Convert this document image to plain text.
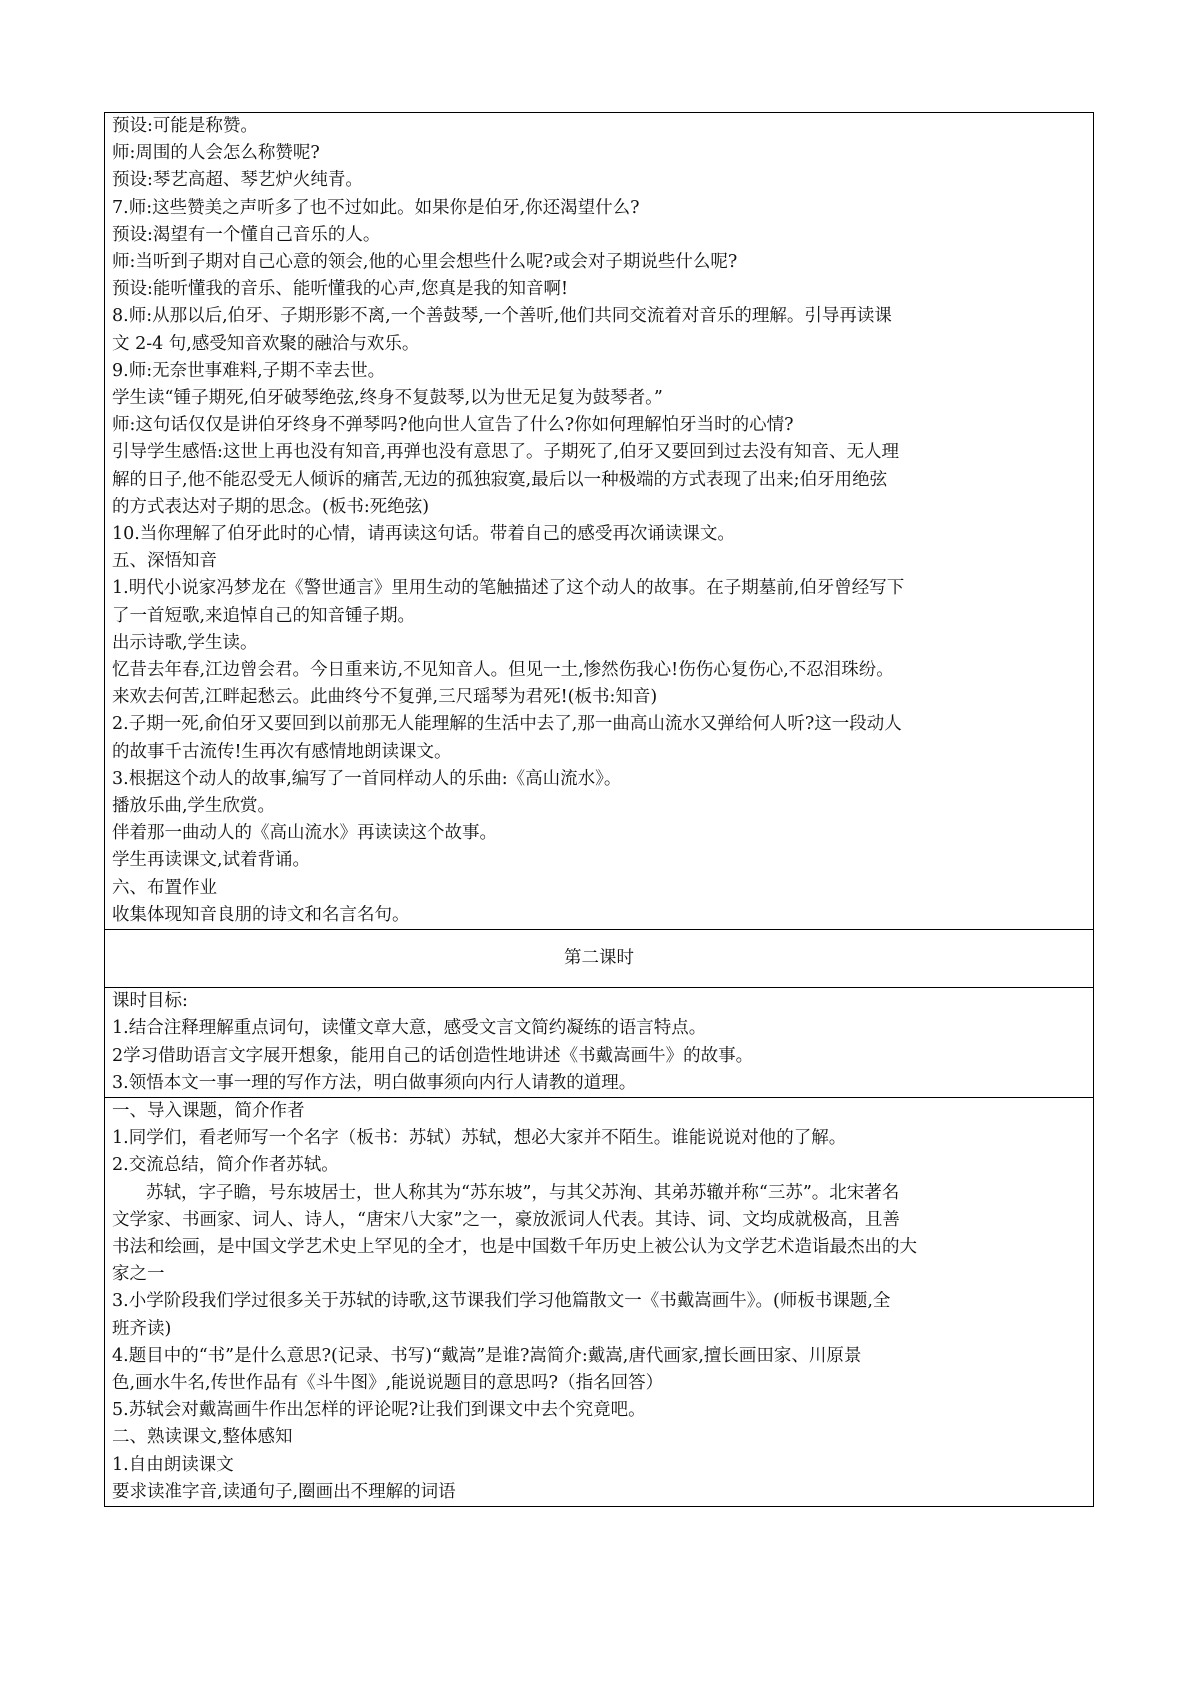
预设:可能是称赞。
师:周围的人会怎么称赞呢?
预设:琴艺高超、琴艺炉火纯青。
7.师:这些赞美之声听多了也不过如此。如果你是伯牙,你还渴望什么?
预设:渴望有一个懂自己音乐的人。
师:当听到子期对自己心意的领会,他的心里会想些什么呢?或会对子期说些什么呢?
预设:能听懂我的音乐、能听懂我的心声,您真是我的知音啊!
8.师:从那以后,伯牙、子期形影不离,一个善鼓琴,一个善听,他们共同交流着对音乐的理解。引导再读课
文 2-4 句,感受知音欢聚的融洽与欢乐。
9.师:无奈世事难料,子期不幸去世。
学生读“锺子期死,伯牙破琴绝弦,终身不复鼓琴,以为世无足复为鼓琴者。”
师:这句话仅仅是讲伯牙终身不弹琴吗?他向世人宣告了什么?你如何理解怕牙当时的心情?
引导学生感悟:这世上再也没有知音,再弹也没有意思了。子期死了,伯牙又要回到过去没有知音、无人理
解的日子,他不能忍受无人倾诉的痛苦,无边的孤独寂寞,最后以一种极端的方式表现了出来;伯牙用绝弦
的方式表达对子期的思念。(板书:死绝弦)
10.当你理解了伯牙此时的心情，请再读这句话。带着自己的感受再次诵读课文。
五、深悟知音
1.明代小说家冯梦龙在《警世通言》里用生动的笔触描述了这个动人的故事。在子期墓前,伯牙曾经写下
了一首短歌,来追悼自己的知音锺子期。
出示诗歌,学生读。
忆昔去年春,江边曾会君。今日重来访,不见知音人。但见一土,惨然伤我心!伤伤心复伤心,不忍泪珠纷。
来欢去何苦,江畔起愁云。此曲终兮不复弹,三尺瑶琴为君死!(板书:知音)
2.子期一死,俞伯牙又要回到以前那无人能理解的生活中去了,那一曲高山流水又弹给何人听?这一段动人
的故事千古流传!生再次有感情地朗读课文。
3.根据这个动人的故事,编写了一首同样动人的乐曲:《高山流水》。
播放乐曲,学生欣赏。
伴着那一曲动人的《高山流水》再读读这个故事。
学生再读课文,试着背诵。
六、布置作业
收集体现知音良朋的诗文和名言名句。
第二课时
课时目标:
1.结合注释理解重点词句，读懂文章大意，感受文言文简约凝练的语言特点。
2学习借助语言文字展开想象，能用自己的话创造性地讲述《书戴嵩画牛》的故事。
3.领悟本文一事一理的写作方法，明白做事须向内行人请教的道理。
一、导入课题，简介作者
1.同学们，看老师写一个名字（板书：苏轼）苏轼，想必大家并不陌生。谁能说说对他的了解。
2.交流总结，简介作者苏轼。
苏轼，字子瞻，号东坡居士，世人称其为“苏东坡”，与其父苏洵、其弟苏辙并称“三苏”。北宋著名
文学家、书画家、词人、诗人，“唐宋八大家”之一，豪放派词人代表。其诗、词、文均成就极高，且善
书法和绘画，是中国文学艺术史上罕见的全才，也是中国数千年历史上被公认为文学艺术造诣最杰出的大
家之一
3.小学阶段我们学过很多关于苏轼的诗歌,这节课我们学习他篇散文一《书戴嵩画牛》。(师板书课题,全
班齐读)
4.题目中的“书”是什么意思?(记录、书写)“戴嵩”是谁?嵩简介:戴嵩,唐代画家,擅长画田家、川原景
色,画水牛名,传世作品有《斗牛图》,能说说题目的意思吗?（指名回答）
5.苏轼会对戴嵩画牛作出怎样的评论呢?让我们到课文中去个究竟吧。
二、熟读课文,整体感知
1.自由朗读课文
要求读准字音,读通句子,圈画出不理解的词语
